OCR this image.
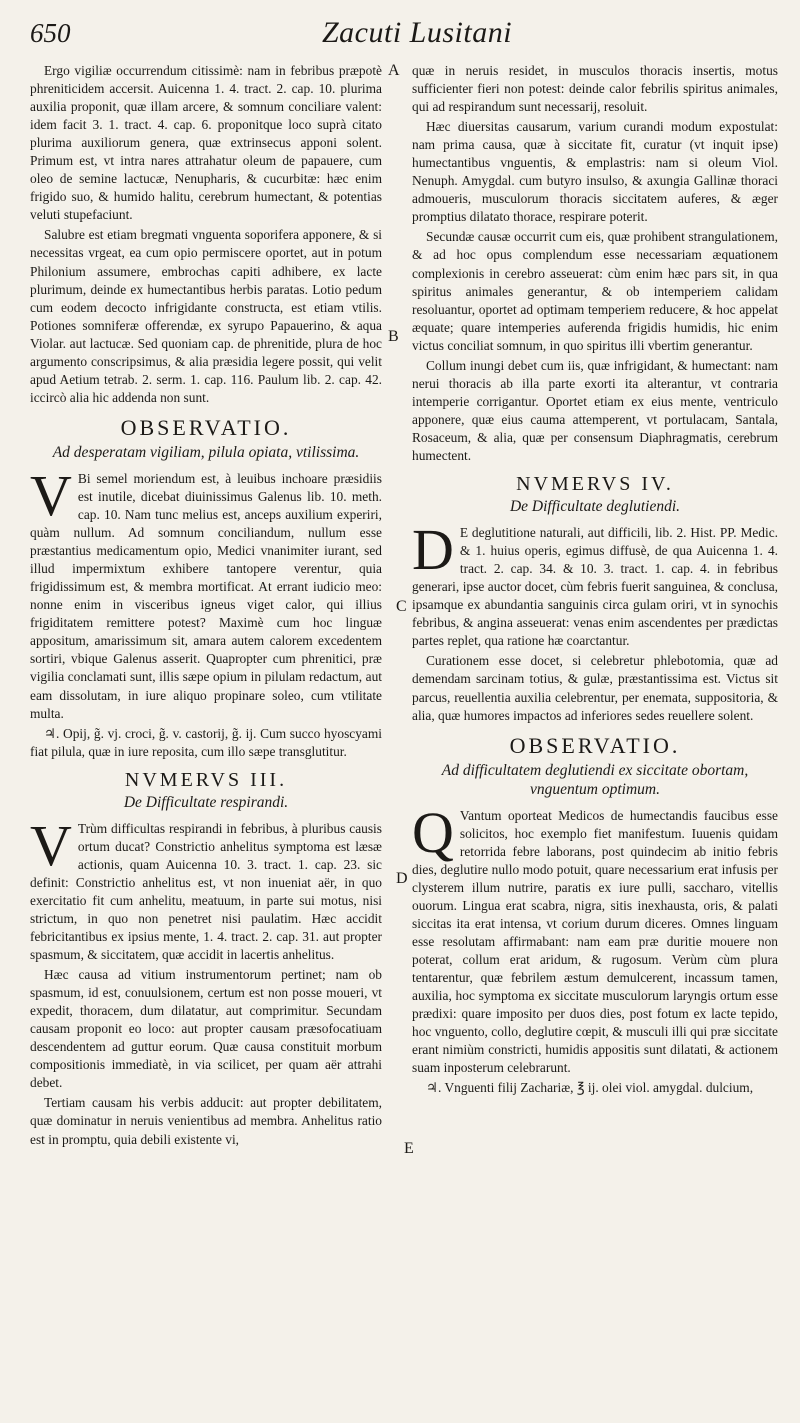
650	Zacuti Lusitani
A
B
C
D
E

Ergo vigiliæ occurrendum citissimè: nam in febribus præpotè phreniticidem accersit. Auicenna 1. 4. tract. 2. cap. 10. plurima auxilia proponit, quæ illam arcere, & somnum conciliare valent: idem facit 3. 1. tract. 4. cap. 6. proponitque loco suprà citato plurima auxiliorum genera, quæ extrinsecus apponi solent. Primum est, vt intra nares attrahatur oleum de papauere, cum oleo de semine lactucæ, Nenupharis, & cucurbitæ: hæc enim frigido suo, & humido halitu, cerebrum humectant, & potentias veluti stupefaciunt.

Salubre est etiam bregmati vnguenta soporifera apponere, & si necessitas vrgeat, ea cum opio permiscere oportet, aut in potum Philonium assumere, embrochas capiti adhibere, ex lacte plurimum, deinde ex humectantibus herbis paratas. Lotio pedum cum eodem decocto infrigidante constructa, est etiam vtilis. Potiones somniferæ offerendæ, ex syrupo Papauerino, & aqua Violar. aut lactucæ. Sed quoniam cap. de phrenitide, plura de hoc argumento conscripsimus, & alia præsidia legere possit, qui velit apud Aetium tetrab. 2. serm. 1. cap. 116. Paulum lib. 2. cap. 42. iccircò alia hic addenda non sunt.

OBSERVATIO.
Ad desperatam vigiliam, pilula opiata, vtilissima.

V Bi semel moriendum est, à leuibus inchoare præsidiis est inutile, dicebat diuinissimus Galenus lib. 10. meth. cap. 10. Nam tunc melius est, anceps auxilium experiri, quàm nullum. Ad somnum conciliandum, nullum esse præstantius medicamentum opio, Medici vnanimiter iurant, sed illud impermixtum exhibere tantopere verentur, quia frigidissimum est, & membra mortificat. At errant iudicio meo: nonne enim in visceribus igneus viget calor, qui illius frigiditatem remittere potest? Maximè cum hoc linguæ appositum, amarissimum sit, amara autem calorem excedentem sortiri, vbique Galenus asserit. Quapropter cum phrenitici, præ vigilia conclamati sunt, illis sæpe opium in pilulam redactum, aut eam dissolutam, in iure aliquo propinare soleo, cum vtilitate multa.

♃. Opij, g̃. vj. croci, g̃. v. castorij, g̃. ij. Cum succo hyoscyami fiat pilula, quæ in iure reposita, cum illo sæpe transglutitur.

NVMERVS III.
De Difficultate respirandi.

V Trùm difficultas respirandi in febribus, à pluribus causis ortum ducat? Constrictio anhelitus symptoma est læsæ actionis, quam Auicenna 10. 3. tract. 1. cap. 23. sic definit: Constrictio anhelitus est, vt non inueniat aër, in quo exercitatio fit cum anhelitu, meatuum, in parte sui motus, nisi strictum, in quo non penetret nisi paulatim. Hæc accidit febricitantibus ex ipsius mente, 1. 4. tract. 2. cap. 31. aut propter spasmum, & siccitatem, quæ accidit in lacertis anhelitus.

Hæc causa ad vitium instrumentorum pertinet; nam ob spasmum, id est, conuulsionem, certum est non posse moueri, vt expedit, thoracem, dum dilatatur, aut comprimitur. Secundam causam proponit eo loco: aut propter causam præsofocatiuam descendentem ad guttur eorum. Quæ causa constituit morbum compositionis immediatè, in via scilicet, per quam aër attrahi debet.

Tertiam causam his verbis adducit: aut propter debilitatem, quæ dominatur in neruis venientibus ad membra. Anhelitus ratio est in promptu, quia debili existente vi,

quæ in neruis residet, in musculos thoracis insertis, motus sufficienter fieri non potest: deinde calor febrilis spiritus animales, qui ad respirandum sunt necessarij, resoluit.

Hæc diuersitas causarum, varium curandi modum expostulat: nam prima causa, quæ à siccitate fit, curatur (vt inquit ipse) humectantibus vnguentis, & emplastris: nam si oleum Viol. Nenuph. Amygdal. cum butyro insulso, & axungia Gallinæ thoraci admoueris, musculorum thoracis siccitatem auferes, & æger promptius dilatato thorace, respirare poterit.

Secundæ causæ occurrit cum eis, quæ prohibent strangulationem, & ad hoc opus complendum esse necessariam æquationem complexionis in cerebro asseuerat: cùm enim hæc pars sit, in qua spiritus animales generantur, & ob intemperiem calidam resoluantur, oportet ad optimam temperiem reducere, & hoc appelat æquate; quare intemperies auferenda frigidis humidis, hic enim victus conciliat somnum, in quo spiritus illi vbertim generantur.

Collum inungi debet cum iis, quæ infrigidant, & humectant: nam nerui thoracis ab illa parte exorti ita alterantur, vt contraria intemperie corrigantur. Oportet etiam ex eius mente, ventriculo apponere, quæ eius cauma attemperent, vt portulacam, Santala, Rosaceum, & alia, quæ per consensum Diaphragmatis, cerebrum humectent.

NVMERVS IV.
De Difficultate deglutiendi.

D E deglutitione naturali, aut difficili, lib. 2. Hist. PP. Medic. & 1. huius operis, egimus diffusè, de qua Auicenna 1. 4. tract. 2. cap. 34. & 10. 3. tract. 1. cap. 4. in febribus generari, ipse auctor docet, cùm febris fuerit sanguinea, & conclusa, ipsamque ex abundantia sanguinis circa gulam oriri, vt in synochis febribus, & angina asseuerat: venas enim ascendentes per prædictas partes replet, qua ratione hæ coarctantur.

Curationem esse docet, si celebretur phlebotomia, quæ ad demendam sarcinam totius, & gulæ, præstantissima est. Victus sit parcus, reuellentia auxilia celebrentur, per enemata, suppositoria, & alia, quæ humores impactos ad inferiores sedes reuellere solent.

OBSERVATIO.
Ad difficultatem deglutiendi ex siccitate obortam, vnguentum optimum.

Q Vantum oporteat Medicos de humectandis faucibus esse solicitos, hoc exemplo fiet manifestum. Iuuenis quidam retorrida febre laborans, post quindecim ab initio febris dies, deglutire nullo modo potuit, quare necessarium erat infusis per clysterem illum nutrire, paratis ex iure pulli, saccharo, vitellis ouorum. Lingua erat scabra, nigra, sitis inexhausta, oris, & palati siccitas ita erat intensa, vt corium durum diceres. Omnes linguam esse resolutam affirmabant: nam eam præ duritie mouere non poterat, collum erat aridum, & rugosum. Verùm cùm plura tentarentur, quæ febrilem æstum demulcerent, incassum tamen, auxilia, hoc symptoma ex siccitate musculorum laryngis ortum esse prædixi: quare imposito per duos dies, post fotum ex lacte tepido, hoc vnguento, collo, deglutire cœpit, & musculi illi qui præ siccitate erant nimiùm constricti, humidis appositis sunt dilatati, & actionem suam inposterum celebrarunt.

♃. Vnguenti filij Zachariæ, ℥ ij. olei viol. amygdal. dulcium,
